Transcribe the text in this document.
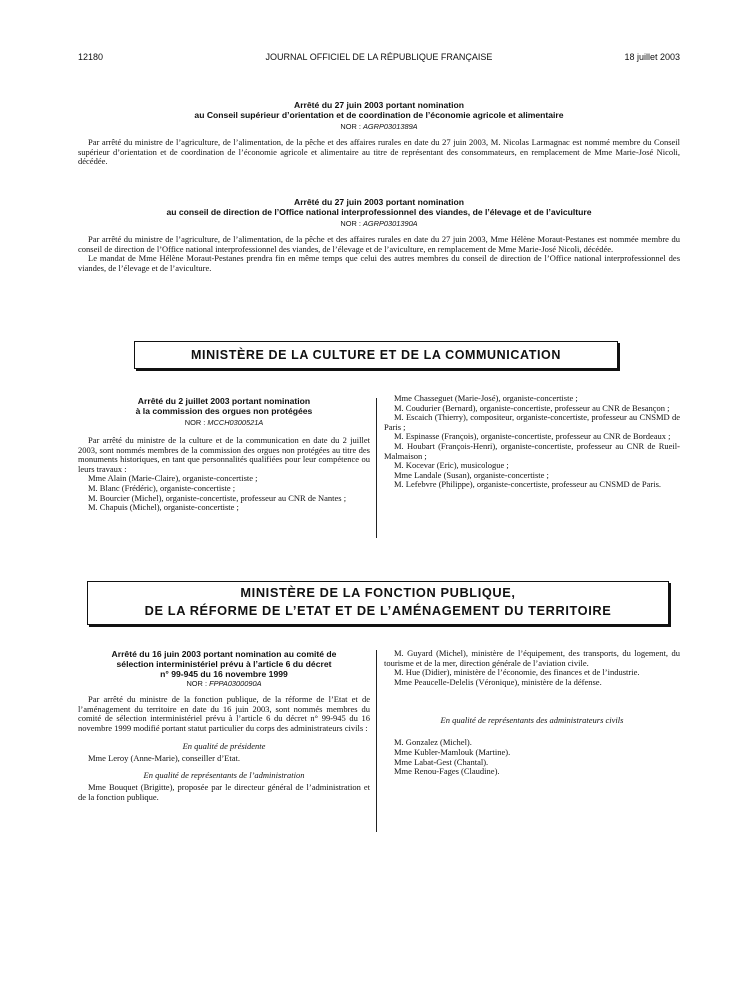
12180	JOURNAL OFFICIEL DE LA RÉPUBLIQUE FRANÇAISE	18 juillet 2003
Arrêté du 27 juin 2003 portant nomination
au Conseil supérieur d’orientation et de coordination de l’économie agricole et alimentaire
NOR : AGRP0301389A

Par arrêté du ministre de l’agriculture, de l’alimentation, de la pêche et des affaires rurales en date du 27 juin 2003, M. Nicolas Larmagnac est nommé membre du Conseil supérieur d’orientation et de coordination de l’économie agricole et alimentaire au titre de représentant des consommateurs, en remplacement de Mme Marie-José Nicoli, décédée.

Arrêté du 27 juin 2003 portant nomination
au conseil de direction de l’Office national interprofessionnel des viandes, de l’élevage et de l’aviculture
NOR : AGRP0301390A

Par arrêté du ministre de l’agriculture, de l’alimentation, de la pêche et des affaires rurales en date du 27 juin 2003, Mme Hélène Moraut-Pestanes est nommée membre du conseil de direction de l’Office national interprofessionnel des viandes, de l’élevage et de l’aviculture, en remplacement de Mme Marie-José Nicoli, décédée.

Le mandat de Mme Hélène Moraut-Pestanes prendra fin en même temps que celui des autres membres du conseil de direction de l’Office national interprofessionnel des viandes, de l’élevage et de l’aviculture.

MINISTÈRE DE LA CULTURE ET DE LA COMMUNICATION
Arrêté du 2 juillet 2003 portant nomination
à la commission des orgues non protégées
NOR : MCCH0300521A

Par arrêté du ministre de la culture et de la communication en date du 2 juillet 2003, sont nommés membres de la commission des orgues non protégées au titre des monuments historiques, en tant que personnalités qualifiées pour leur compétence ou leurs travaux :

Mme Alain (Marie-Claire), organiste-concertiste ;

M. Blanc (Frédéric), organiste-concertiste ;

M. Bourcier (Michel), organiste-concertiste, professeur au CNR de Nantes ;

M. Chapuis (Michel), organiste-concertiste ;

Mme Chasseguet (Marie-José), organiste-concertiste ;

M. Coudurier (Bernard), organiste-concertiste, professeur au CNR de Besançon ;

M. Escaich (Thierry), compositeur, organiste-concertiste, professeur au CNSMD de Paris ;

M. Espinasse (François), organiste-concertiste, professeur au CNR de Bordeaux ;

M. Houbart (François-Henri), organiste-concertiste, professeur au CNR de Rueil-Malmaison ;

M. Kocevar (Eric), musicologue ;

Mme Landale (Susan), organiste-concertiste ;

M. Lefebvre (Philippe), organiste-concertiste, professeur au CNSMD de Paris.

MINISTÈRE DE LA FONCTION PUBLIQUE,
DE LA RÉFORME DE L’ETAT ET DE L’AMÉNAGEMENT DU TERRITOIRE
Arrêté du 16 juin 2003 portant nomination au comité de
sélection interministériel prévu à l’article 6 du décret
n° 99-945 du 16 novembre 1999
NOR : FPPA0300090A

Par arrêté du ministre de la fonction publique, de la réforme de l’Etat et de l’aménagement du territoire en date du 16 juin 2003, sont nommés membres du comité de sélection interministériel prévu à l’article 6 du décret n° 99-945 du 16 novembre 1999 modifié portant statut particulier du corps des administrateurs civils :

En qualité de présidente

Mme Leroy (Anne-Marie), conseiller d’Etat.

En qualité de représentants de l’administration

Mme Bouquet (Brigitte), proposée par le directeur général de l’administration et de la fonction publique.

M. Guyard (Michel), ministère de l’équipement, des transports, du logement, du tourisme et de la mer, direction générale de l’aviation civile.

M. Hue (Didier), ministère de l’économie, des finances et de l’industrie.

Mme Peaucelle-Delelis (Véronique), ministère de la défense.

En qualité de représentants des administrateurs civils

M. Gonzalez (Michel).

Mme Kubler-Mamlouk (Martine).

Mme Labat-Gest (Chantal).

Mme Renou-Fages (Claudine).
